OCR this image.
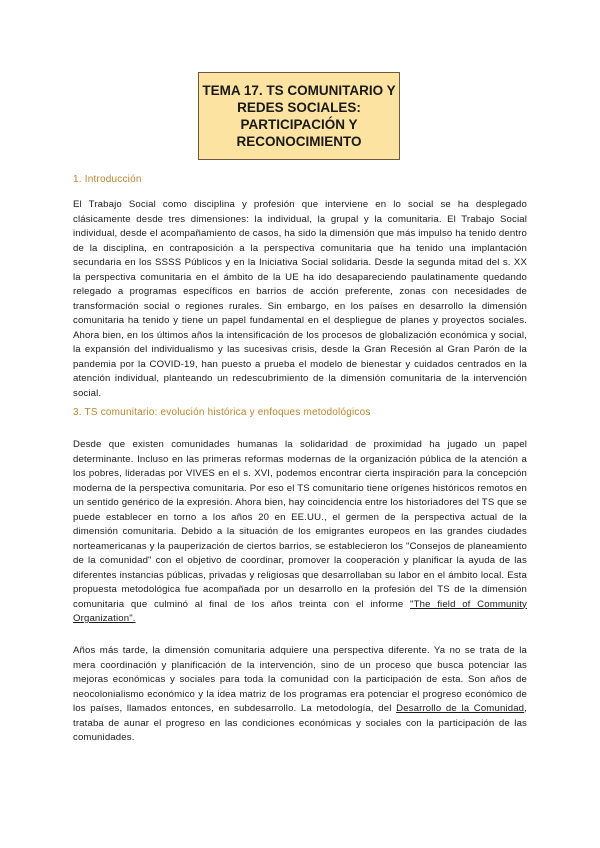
TEMA 17. TS COMUNITARIO Y REDES SOCIALES: PARTICIPACIÓN Y RECONOCIMIENTO
1. Introducción

El Trabajo Social como disciplina y profesión que interviene en lo social se ha desplegado clásicamente desde tres dimensiones: la individual, la grupal y la comunitaria. El Trabajo Social individual, desde el acompañamiento de casos, ha sido la dimensión que más impulso ha tenido dentro de la disciplina, en contraposición a la perspectiva comunitaria que ha tenido una implantación secundaria en los SSSS Públicos y en la Iniciativa Social solidaria. Desde la segunda mitad del s. XX la perspectiva comunitaria en el ámbito de la UE ha ido desapareciendo paulatinamente quedando relegado a programas específicos en barrios de acción preferente, zonas con necesidades de transformación social o regiones rurales. Sin embargo, en los países en desarrollo la dimensión comunitaria ha tenido y tiene un papel fundamental en el despliegue de planes y proyectos sociales. Ahora bien, en los últimos años la intensificación de los procesos de globalización económica y social, la expansión del individualismo y las sucesivas crisis, desde la Gran Recesión al Gran Parón de la pandemia por la COVID-19, han puesto a prueba el modelo de bienestar y cuidados centrados en la atención individual, planteando un redescubrimiento de la dimensión comunitaria de la intervención social.

3. TS comunitario: evolución histórica y enfoques metodológicos

Desde que existen comunidades humanas la solidaridad de proximidad ha jugado un papel determinante. Incluso en las primeras reformas modernas de la organización pública de la atención a los pobres, lideradas por VIVES en el s. XVI, podemos encontrar cierta inspiración para la concepción moderna de la perspectiva comunitaria. Por eso el TS comunitario tiene orígenes históricos remotos en un sentido genérico de la expresión. Ahora bien, hay coincidencia entre los historiadores del TS que se puede establecer en torno a los años 20 en EE.UU., el germen de la perspectiva actual de la dimensión comunitaria. Debido a la situación de los emigrantes europeos en las grandes ciudades norteamericanas y la pauperización de ciertos barrios, se establecieron los "Consejos de planeamiento de la comunidad" con el objetivo de coordinar, promover la cooperación y planificar la ayuda de las diferentes instancias públicas, privadas y religiosas que desarrollaban su labor en el ámbito local. Esta propuesta metodológica fue acompañada por un desarrollo en la profesión del TS de la dimensión comunitaria que culminó al final de los años treinta con el informe "The field of Community Organization".

Años más tarde, la dimensión comunitaria adquiere una perspectiva diferente. Ya no se trata de la mera coordinación y planificación de la intervención, sino de un proceso que busca potenciar las mejoras económicas y sociales para toda la comunidad con la participación de esta. Son años de neocolonialismo económico y la idea matriz de los programas era potenciar el progreso económico de los países, llamados entonces, en subdesarrollo. La metodología, del Desarrollo de la Comunidad, trataba de aunar el progreso en las condiciones económicas y sociales con la participación de las comunidades.
